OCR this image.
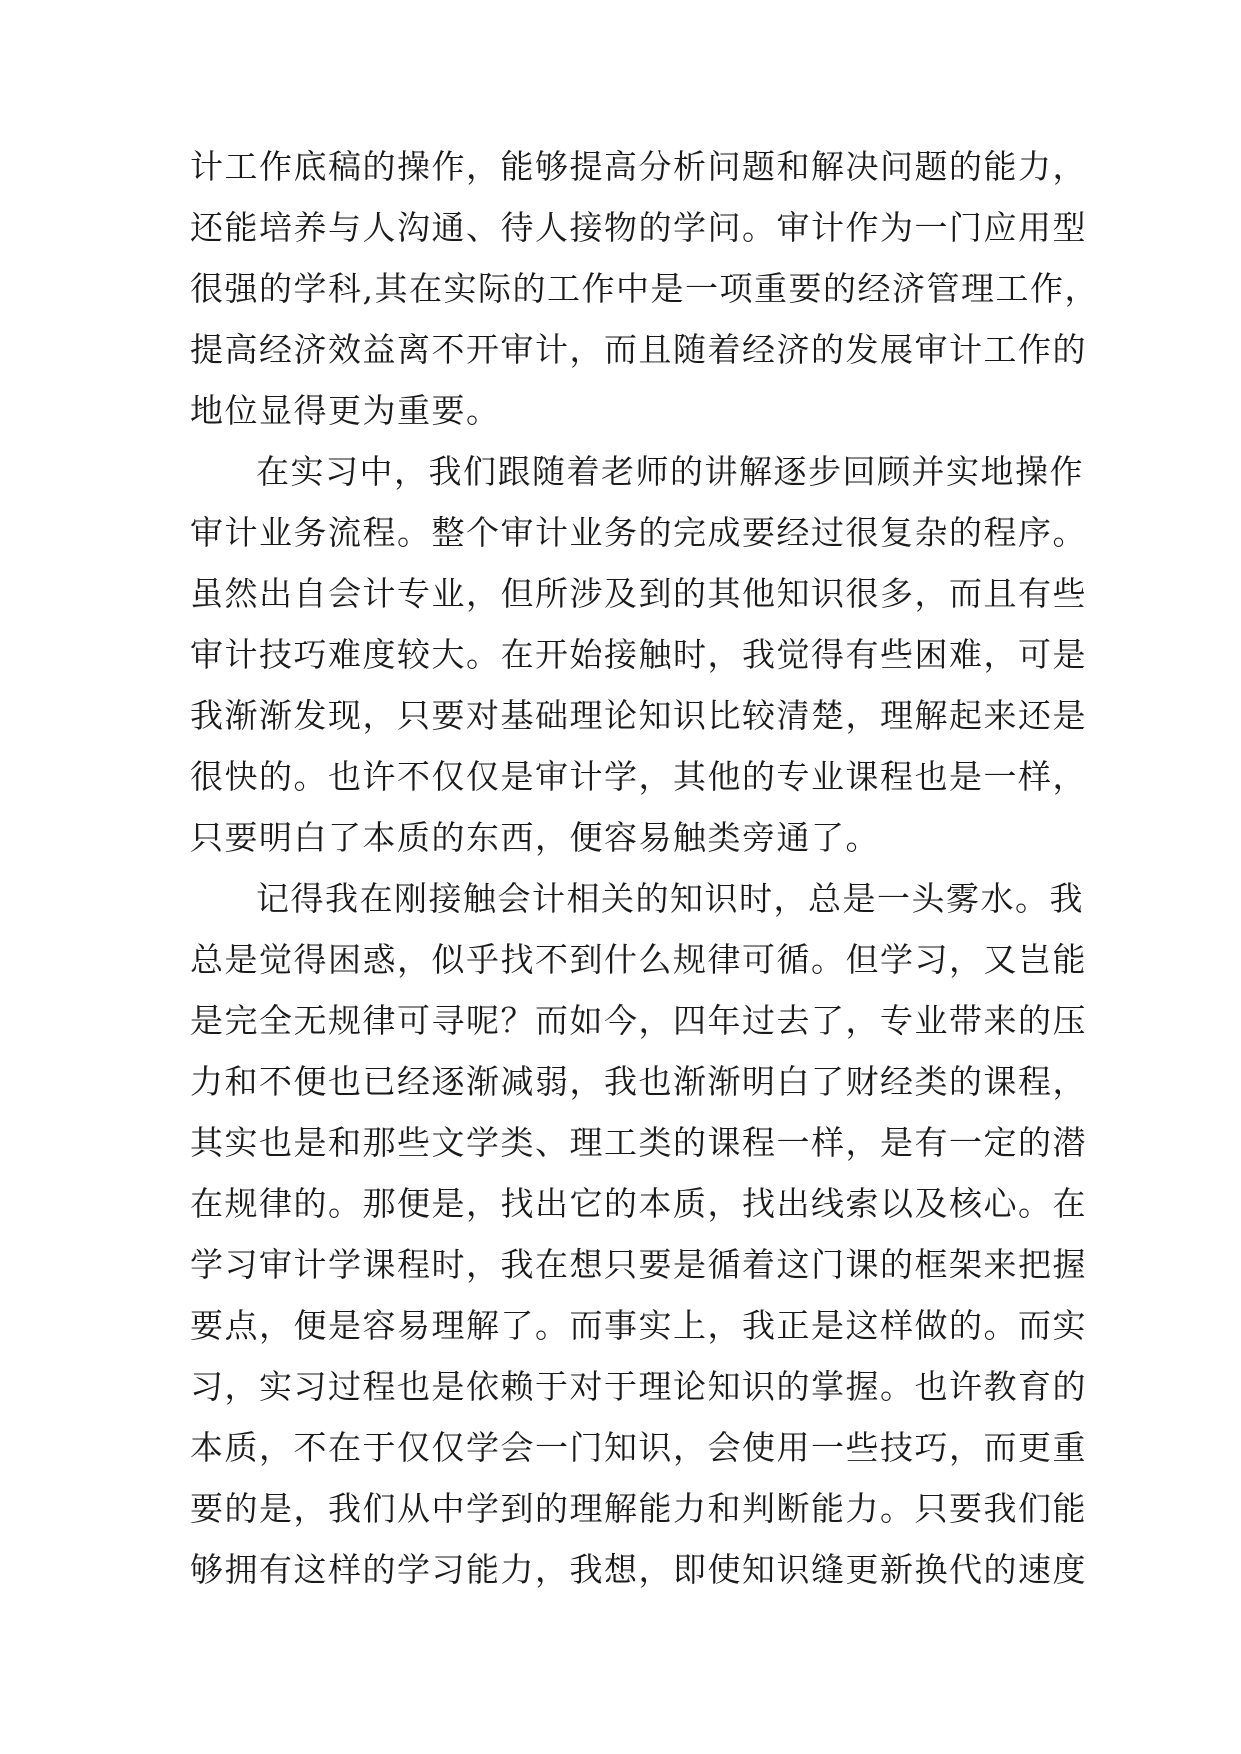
计工作底稿的操作，能够提高分析问题和解决问题的能力，
还能培养与人沟通、待人接物的学问。审计作为一门应用型
很强的学科,其在实际的工作中是一项重要的经济管理工作，
提高经济效益离不开审计，而且随着经济的发展审计工作的
地位显得更为重要。
在实习中，我们跟随着老师的讲解逐步回顾并实地操作
审计业务流程。整个审计业务的完成要经过很复杂的程序。
虽然出自会计专业，但所涉及到的其他知识很多，而且有些
审计技巧难度较大。在开始接触时，我觉得有些困难，可是
我渐渐发现，只要对基础理论知识比较清楚，理解起来还是
很快的。也许不仅仅是审计学，其他的专业课程也是一样，
只要明白了本质的东西，便容易触类旁通了。
记得我在刚接触会计相关的知识时，总是一头雾水。我
总是觉得困惑，似乎找不到什么规律可循。但学习，又岂能
是完全无规律可寻呢？而如今，四年过去了，专业带来的压
力和不便也已经逐渐减弱，我也渐渐明白了财经类的课程，
其实也是和那些文学类、理工类的课程一样，是有一定的潜
在规律的。那便是，找出它的本质，找出线索以及核心。在
学习审计学课程时，我在想只要是循着这门课的框架来把握
要点，便是容易理解了。而事实上，我正是这样做的。而实
习，实习过程也是依赖于对于理论知识的掌握。也许教育的
本质，不在于仅仅学会一门知识，会使用一些技巧，而更重
要的是，我们从中学到的理解能力和判断能力。只要我们能
够拥有这样的学习能力，我想，即使知识缝更新换代的速度
